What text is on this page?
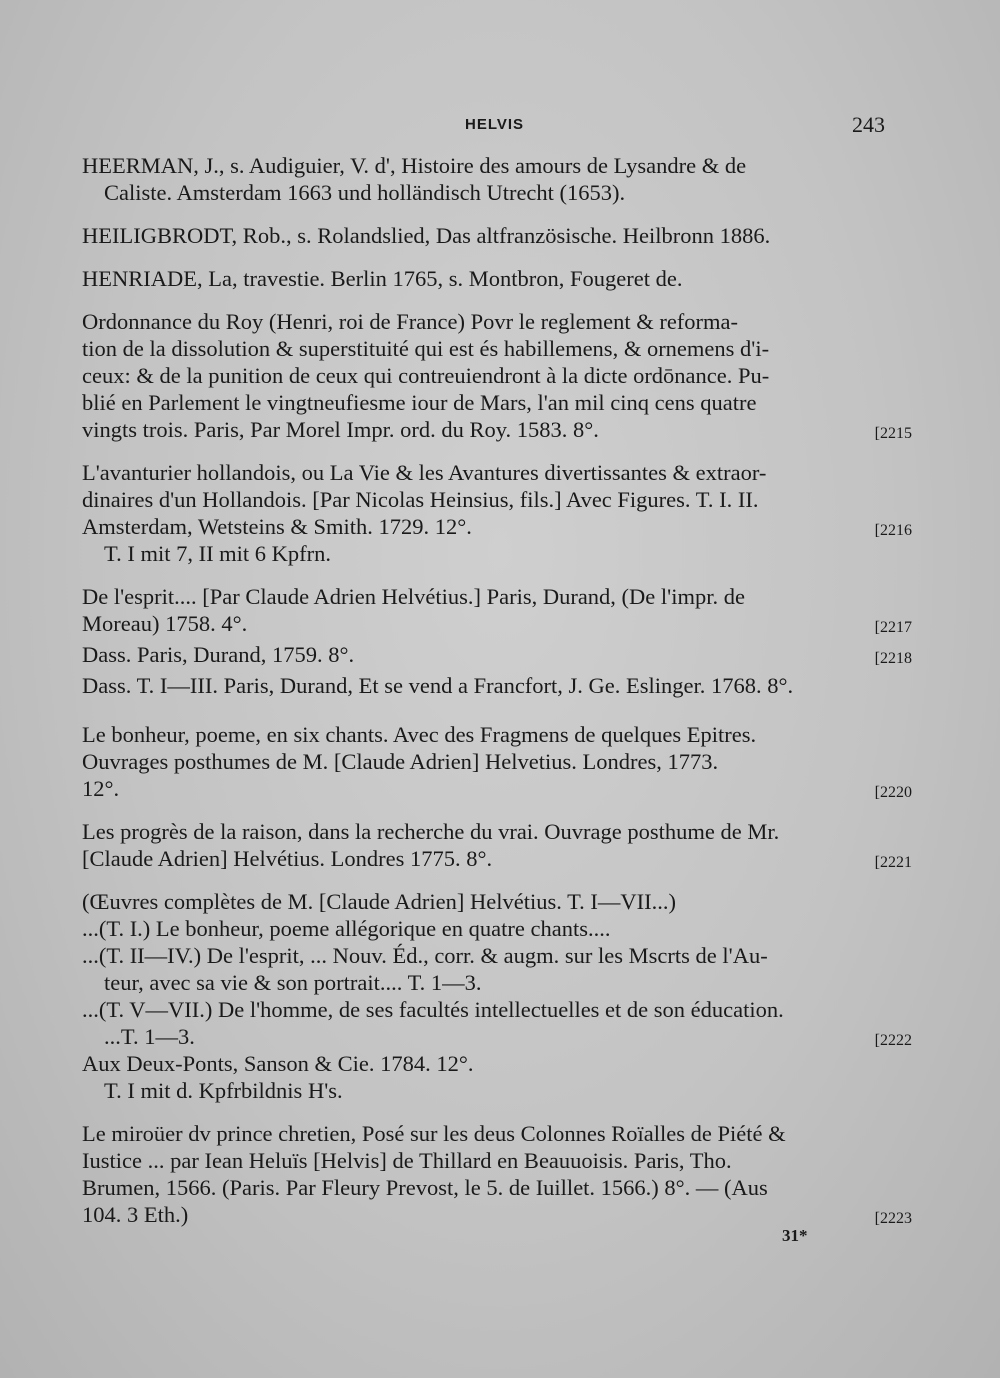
HELVIS	243
HEERMAN, J., s. Audiguier, V. d', Histoire des amours de Lysandre & de
Caliste. Amsterdam 1663 und holländisch Utrecht (1653).
HEILIGBRODT, Rob., s. Rolandslied, Das altfranzösische. Heilbronn 1886.
HENRIADE, La, travestie. Berlin 1765, s. Montbron, Fougeret de.
Ordonnance du Roy (Henri, roi de France) Povr le reglement & reforma-
tion de la dissolution & superstituité qui est és habillemens, & ornemens d'i-
ceux: & de la punition de ceux qui contreuiendront à la dicte ordōnance. Pu-
blié en Parlement le vingtneufiesme iour de Mars, l'an mil cinq cens quatre
[2215
vingts trois. Paris, Par Morel Impr. ord. du Roy. 1583. 8°.
L'avanturier hollandois, ou La Vie & les Avantures divertissantes & extraor-
dinaires d'un Hollandois. [Par Nicolas Heinsius, fils.] Avec Figures. T. I. II.
[2216
Amsterdam, Wetsteins & Smith. 1729. 12°.
T. I mit 7, II mit 6 Kpfrn.
De l'esprit.... [Par Claude Adrien Helvétius.] Paris, Durand, (De l'impr. de
[2217
Moreau) 1758. 4°.
[2218
Dass. Paris, Durand, 1759. 8°.
Dass. T. I—III. Paris, Durand, Et se vend a Francfort, J. Ge. Eslinger. 1768. 8°.
Le bonheur, poeme, en six chants. Avec des Fragmens de quelques Epitres.
Ouvrages posthumes de M. [Claude Adrien] Helvetius. Londres, 1773.
[2220
12°.
Les progrès de la raison, dans la recherche du vrai. Ouvrage posthume de Mr.
[2221
[Claude Adrien] Helvétius. Londres 1775. 8°.
(Œuvres complètes de M. [Claude Adrien] Helvétius. T. I—VII...)
...(T. I.) Le bonheur, poeme allégorique en quatre chants....
...(T. II—IV.) De l'esprit, ... Nouv. Éd., corr. & augm. sur les Mscrts de l'Au-
teur, avec sa vie & son portrait.... T. 1—3.
...(T. V—VII.) De l'homme, de ses facultés intellectuelles et de son éducation.
[2222
...T. 1—3.
Aux Deux-Ponts, Sanson & Cie. 1784. 12°.
T. I mit d. Kpfrbildnis H's.
Le miroüer dv prince chretien, Posé sur les deus Colonnes Roïalles de Piété &
Iustice ... par Iean Heluïs [Helvis] de Thillard en Beauuoisis. Paris, Tho.
Brumen, 1566. (Paris. Par Fleury Prevost, le 5. de Iuillet. 1566.) 8°. — (Aus
[2223
104. 3 Eth.)
31*
